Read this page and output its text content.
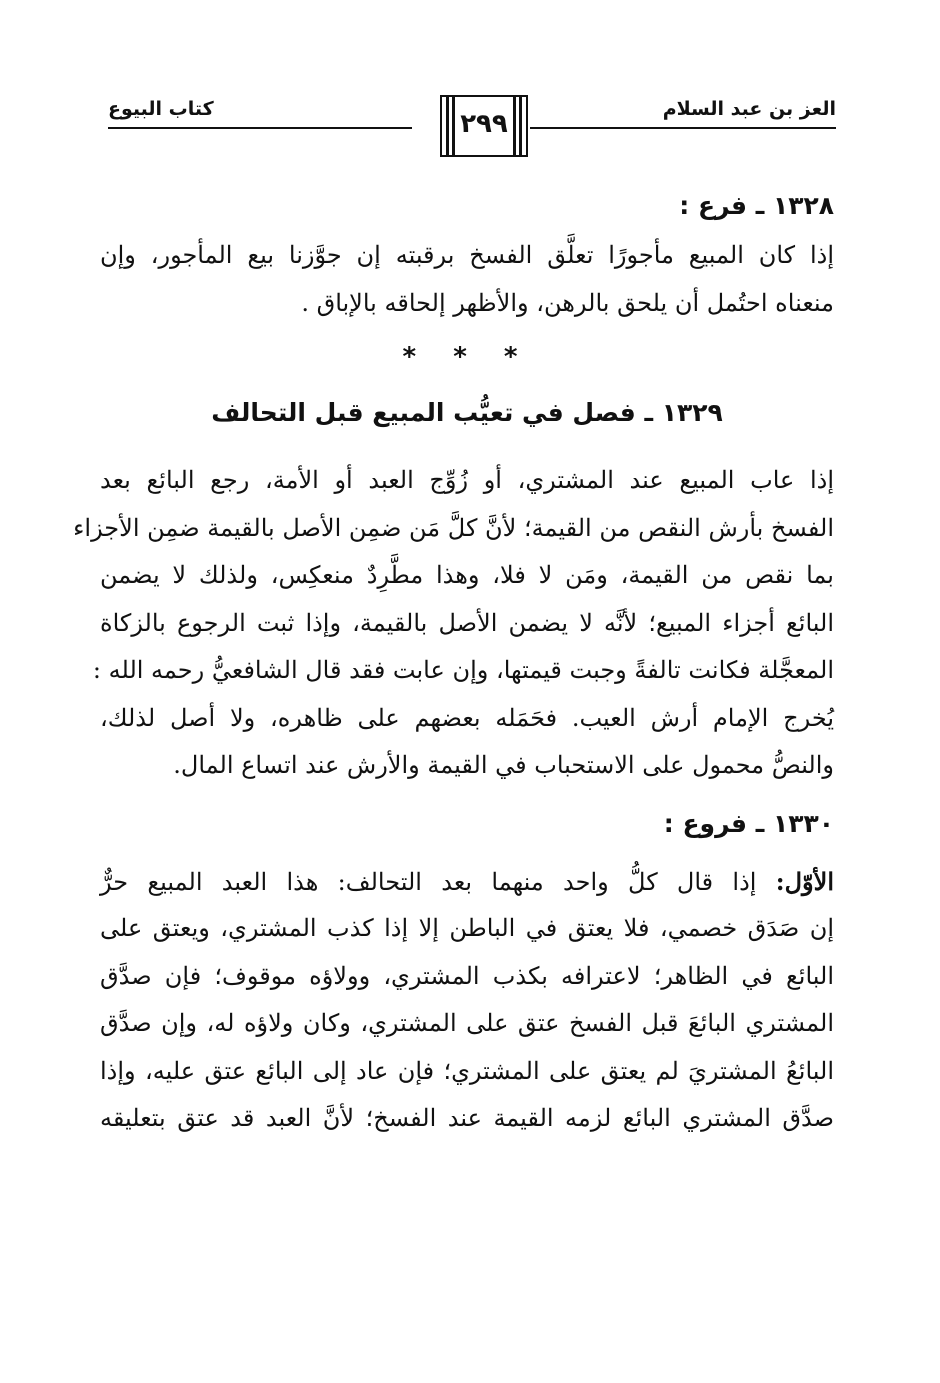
العز بن عبد السلام
كتاب البيوع	٢٩٩
١٣٢٨ ـ فرع :
إذا كان المبيع مأجورًا تعلَّق الفسخ برقبته إن جوَّزنا بيع المأجور، وإن
منعناه احتُمل أن يلحق بالرهن، والأظهر إلحاقه بالإباق .
* * *
١٣٢٩ ـ فصل في تعيُّب المبيع قبل التحالف
إذا عاب المبيع عند المشتري، أو زُوِّج العبد أو الأمة، رجع البائع بعد
الفسخ بأرش النقص من القيمة؛ لأنَّ كلَّ مَن ضمِن الأصل بالقيمة ضمِن الأجزاء
بما نقص من القيمة، ومَن لا فلا، وهذا مطَّرِدٌ منعكِس، ولذلك لا يضمن
البائع أجزاء المبيع؛ لأنَّه لا يضمن الأصل بالقيمة، وإذا ثبت الرجوع بالزكاة
المعجَّلة فكانت تالفةً وجبت قيمتها، وإن عابت فقد قال الشافعيُّ رحمه الله :
يُخرج الإمام أرش العيب. فحَمَله بعضهم على ظاهره، ولا أصل لذلك،
والنصُّ محمول على الاستحباب في القيمة والأرش عند اتساع المال.
١٣٣٠ ـ فروع :
الأوّل: إذا قال كلُّ واحد منهما بعد التحالف: هذا العبد المبيع حرٌّ
إن صَدَق خصمي، فلا يعتق في الباطن إلا إذا كذب المشتري، ويعتق على
البائع في الظاهر؛ لاعترافه بكذب المشتري، وولاؤه موقوف؛ فإن صدَّق
المشتري البائعَ قبل الفسخ عتق على المشتري، وكان ولاؤه له، وإن صدَّق
البائعُ المشتريَ لم يعتق على المشتري؛ فإن عاد إلى البائع عتق عليه، وإذا
صدَّق المشتري البائع لزمه القيمة عند الفسخ؛ لأنَّ العبد قد عتق بتعليقه
